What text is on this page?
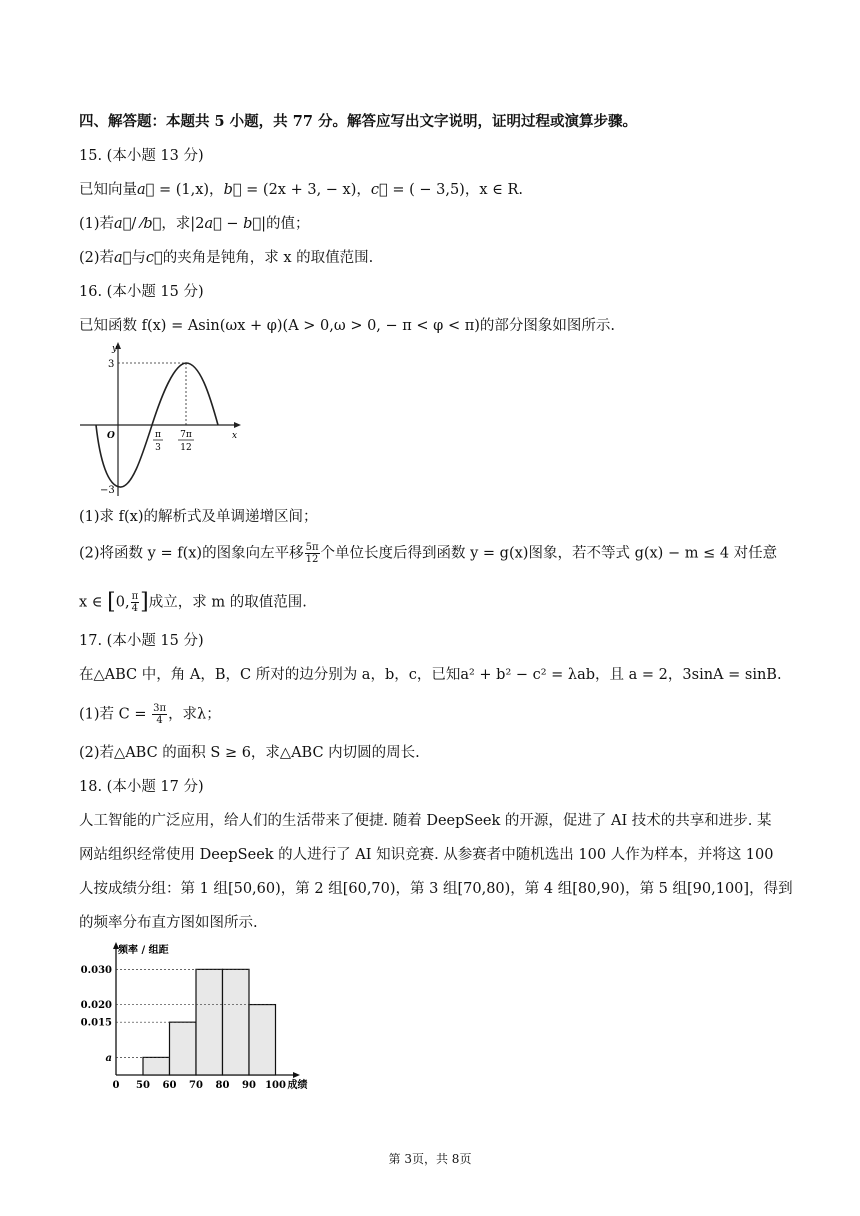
四、解答题：本题共 5 小题，共 77 分。解答应写出文字说明，证明过程或演算步骤。
15. (本小题 13 分)
已知向量a⃗ = (1,x)，b⃗ = (2x + 3, − x)，c⃗ = ( − 3,5)，x ∈ R.
(1)若a⃗/ ⁄b⃗，求|2a⃗ − b⃗|的值；
(2)若a⃗与c⃗的夹角是钝角，求 x 的取值范围.
16. (本小题 15 分)
已知函数 f(x) = Asin(ωx + φ)(A > 0,ω > 0, − π < φ < π)的部分图象如图所示.
y
x
O
3
−3
π
3
7π
12
(1)求 f(x)的解析式及单调递增区间；
(2)将函数 y = f(x)的图象向左平移 $\frac{5\pi}{12}$ 个单位长度后得到函数 y = g(x)图象，若不等式 g(x) − m ≤ 4 对任意
x ∈ [0, $\frac{\pi}{4}$ ]成立，求 m 的取值范围.
17. (本小题 15 分)
在△ABC 中，角 A，B，C 所对的边分别为 a，b，c，已知a² + b² − c² = λab，且 a = 2，3sinA = sinB.
(1)若 $C = \frac{3\pi}{4}$ ，求λ；
(2)若△ABC 的面积 S ≥ 6，求△ABC 内切圆的周长.
18. (本小题 17 分)
人工智能的广泛应用，给人们的生活带来了便捷. 随着 DeepSeek 的开源，促进了 AI 技术的共享和进步. 某
网站组织经常使用 DeepSeek 的人进行了 AI 知识竞赛. 从参赛者中随机选出 100 人作为样本，并将这 100
人按成绩分组：第 1 组[50,60)，第 2 组[60,70)，第 3 组[70,80)，第 4 组[80,90)，第 5 组[90,100]，得到
的频率分布直方图如图所示.
频率 / 组距
0.030
0.020
0.015
a
0 50 60 70 80 90 100 成绩
第 3页，共 8页
